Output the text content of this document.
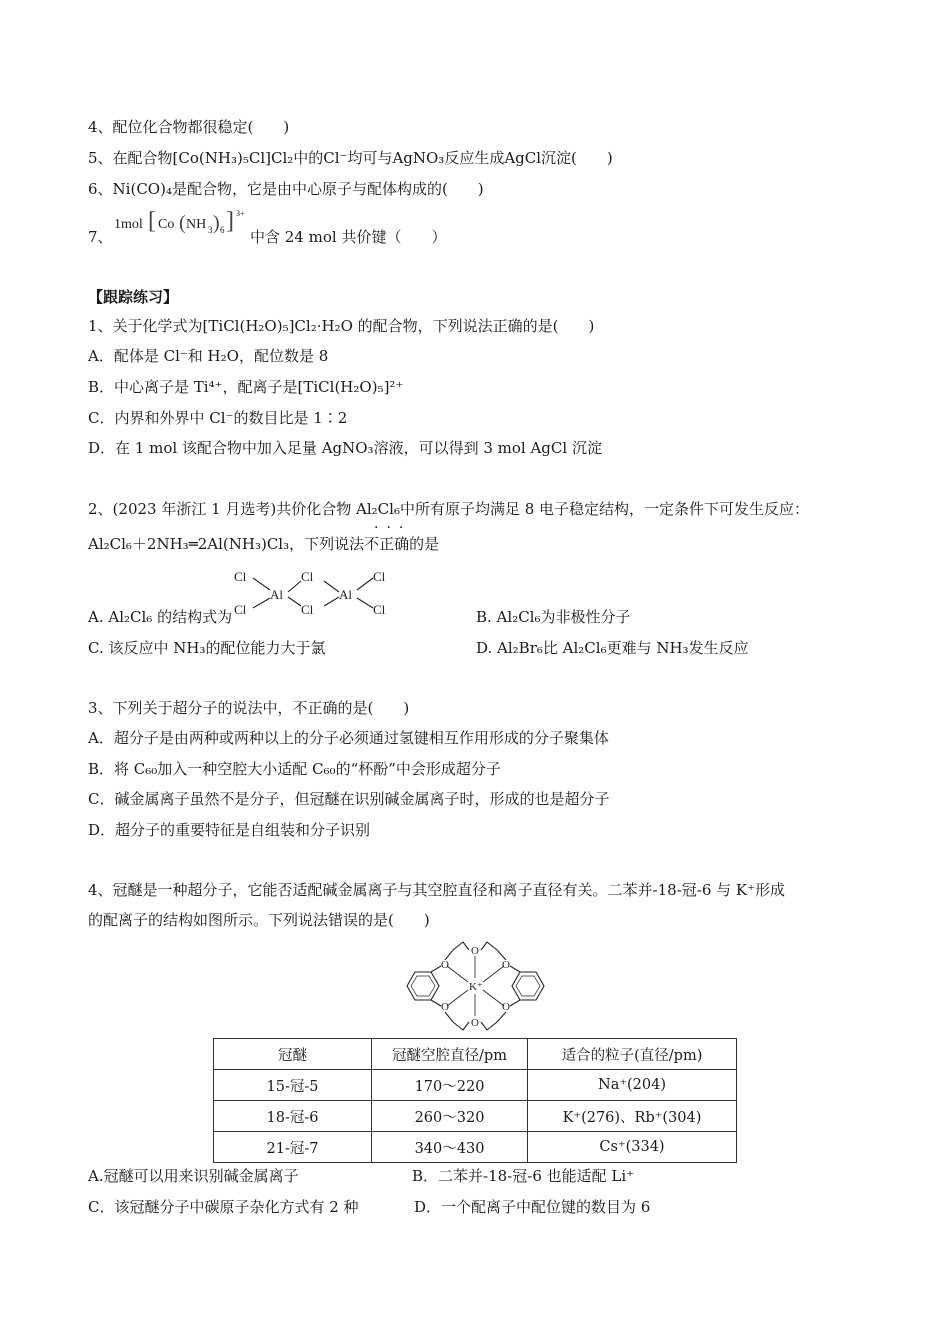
4、配位化合物都很稳定(　　)
5、在配合物[Co(NH₃)₅Cl]Cl₂中的Cl⁻均可与AgNO₃反应生成AgCl沉淀(　　)
6、Ni(CO)₄是配合物，它是由中心原子与配体构成的(　　)
7、
1mol [ Co ( NH 3 ) 6 ] 3+
中含 24 mol 共价键（　　）
【跟踪练习】
1、关于化学式为[TiCl(H₂O)₅]Cl₂·H₂O 的配合物，下列说法正确的是(　　)
A．配体是 Cl⁻和 H₂O，配位数是 8
B．中心离子是 Ti⁴⁺，配离子是[TiCl(H₂O)₅]²⁺
C．内界和外界中 Cl⁻的数目比是 1∶2
D．在 1 mol 该配合物中加入足量 AgNO₃溶液，可以得到 3 mol AgCl 沉淀
2、(2023 年浙江 1 月选考)共价化合物 Al₂Cl₆中所有原子均满足 8 电子稳定结构，一定条件下可发生反应：
···
Al₂Cl₆＋2NH₃═2Al(NH₃)Cl₃，下列说法不正确的是
Cl
Cl
Al
Cl
Cl
Al
Cl
Cl
A. Al₂Cl₆ 的结构式为	B. Al₂Cl₆为非极性分子
C. 该反应中 NH₃的配位能力大于氯	D. Al₂Br₆比 Al₂Cl₆更难与 NH₃发生反应
3、下列关于超分子的说法中，不正确的是(　　)
A．超分子是由两种或两种以上的分子必须通过氢键相互作用形成的分子聚集体
B．将 C₆₀加入一种空腔大小适配 C₆₀的“杯酚”中会形成超分子
C．碱金属离子虽然不是分子，但冠醚在识别碱金属离子时，形成的也是超分子
D．超分子的重要特征是自组装和分子识别
4、冠醚是一种超分子，它能否适配碱金属离子与其空腔直径和离子直径有关。二苯并-18-冠-6 与 K⁺形成
的配离子的结构如图所示。下列说法错误的是(　　)
O
O
O
O
O
O
K⁺
冠醚	冠醚空腔直径/pm	适合的粒子(直径/pm)
15-冠-5	170～220	Na⁺(204)
18-冠-6	260～320	K⁺(276)、Rb⁺(304)
21-冠-7	340～430	Cs⁺(334)
A.冠醚可以用来识别碱金属离子	B．二苯并-18-冠-6 也能适配 Li⁺
C．该冠醚分子中碳原子杂化方式有 2 种	D．一个配离子中配位键的数目为 6
